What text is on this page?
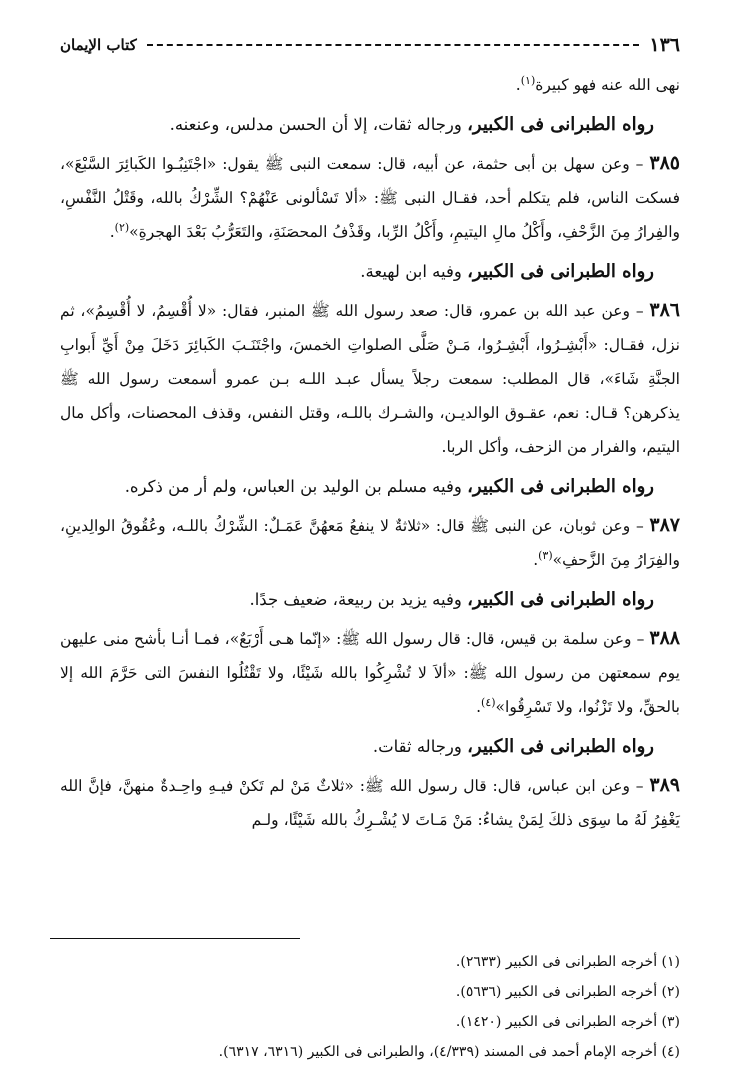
١٣٦
كتاب الإيمان

نهى الله عنه فهو كبيرة$^{(١)}$.

رواه الطبرانى فى الكبير، ورجاله ثقات، إلا أن الحسن مدلس، وعنعنه.

٣٨٥ – وعن سهل بن أبى حثمة، عن أبيه، قال: سمعت النبى ﷺ يقول: «اجْتَنِبُـوا الكَبائِرَ السَّبْعَ»، فسكت الناس، فلم يتكلم أحد، فقـال النبى ﷺ: «ألا تَسْألونى عَنْهُمْ؟ الشِّرْكُ بالله، وقَتْلُ النَّفْسِ، والفِرارُ مِنَ الزَّحْفِ، وأَكْلُ مالِ اليتيمِ، وأَكْلُ الرِّبا، وقَذْفُ المحصَنَةِ، والتَعَرُّبُ بَعْدَ الهجرةِ»$^{(٢)}$.

رواه الطبرانى فى الكبير، وفيه ابن لهيعة.

٣٨٦ – وعن عبد الله بن عمرو، قال: صعد رسول الله ﷺ المنبر، فقال: «لا أُقْسِمُ، لا أُقْسِمُ»، ثم نزل، فقـال: «أَبْشِـرُوا، أَبْشِـرُوا، مَـنْ صَلَّى الصلواتِ الخمسَ، واجْتَنَـبَ الكَبائِرَ دَخَلَ مِنْ أَيِّ أَبوابِ الجنَّةِ شَاءَ»، قال المطلب: سمعت رجلاً يسأل عبـد اللـه بـن عمرو أسمعت رسول الله ﷺ يذكرهن؟ قـال: نعم، عقـوق الوالديـن، والشـرك باللـه، وقتل النفس، وقذف المحصنات، وأكل مال اليتيم، والفرار من الزحف، وأكل الربا.

رواه الطبرانى فى الكبير، وفيه مسلم بن الوليد بن العباس، ولم أر من ذكره.

٣٨٧ – وعن ثوبان، عن النبى ﷺ قال: «ثلاثةٌ لا ينفعُ مَعهُنَّ عَمَـلٌ: الشِّرْكُ باللـه، وعُقُوقُ الوالِدينِ، والفِرَارُ مِنَ الزَّحفِ»$^{(٣)}$.

رواه الطبرانى فى الكبير، وفيه يزيد بن ربيعة، ضعيف جدًا.

٣٨٨ – وعن سلمة بن قيس، قال: قال رسول الله ﷺ: «إنّما هـى أَرْبَعٌ»، فمـا أنـا بأشح منى عليهن يوم سمعتهن من رسول الله ﷺ: «ألاَ لا تُشْرِكُوا بالله شَيْئًا، ولا تَقْتُلُوا النفسَ التى حَرَّمَ الله إلا بالحقِّ، ولا تَزْنُوا، ولا تَسْرِقُوا»$^{(٤)}$.

رواه الطبرانى فى الكبير، ورجاله ثقات.

٣٨٩ – وعن ابن عباس، قال: قال رسول الله ﷺ: «ثلاثٌ مَنْ لم تَكنْ فيـهِ واحِـدةٌ منهنَّ، فإنَّ الله يَغْفِرُ لَهُ ما سِوَى ذلكَ لِمَنْ يشاءُ: مَنْ مَـاتَ لا يُشْـرِكُ بالله شَيْئًا، ولـم

(١) أخرجه الطبرانى فى الكبير (٢٦٣٣).
(٢) أخرجه الطبرانى فى الكبير (٥٦٣٦).
(٣) أخرجه الطبرانى فى الكبير (١٤٢٠).
(٤) أخرجه الإمام أحمد فى المسند (٤/٣٣٩)، والطبرانى فى الكبير (٦٣١٦، ٦٣١٧).
